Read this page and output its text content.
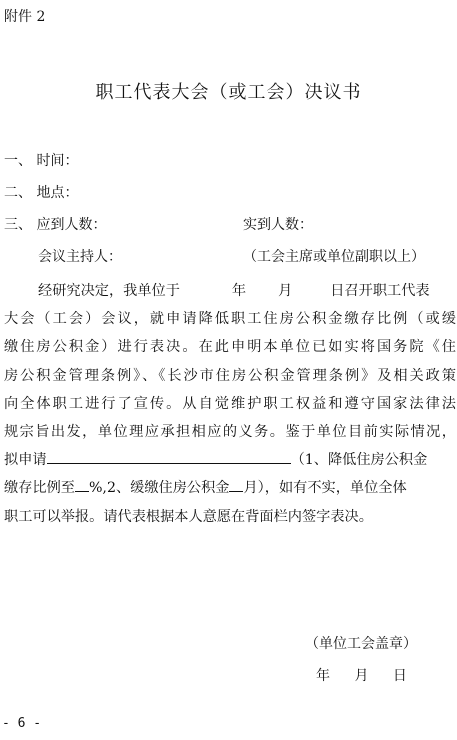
附件 2
职工代表大会（或工会）决议书
一、 时间：
二、 地点：
三、 应到人数：	实到人数：
会议主持人：	（工会主席或单位副职以上）
经研究决定，我单位于	年 月	日召开职工代表
大会（工会）会议，就申请降低职工住房公积金缴存比例（或缓
缴住房公积金）进行表决。在此申明本单位已如实将国务院《住
房公积金管理条例》、《长沙市住房公积金管理条例》及相关政策
向全体职工进行了宣传。从自觉维护职工权益和遵守国家法律法
规宗旨出发，单位理应承担相应的义务。鉴于单位目前实际情况，
拟申请	（1、降低住房公积金
缴存比例至 %,2、缓缴住房公积金 月），如有不实，单位全体
职工可以举报。请代表根据本人意愿在背面栏内签字表决。
（单位工会盖章）
年 月 日
- 6 -
